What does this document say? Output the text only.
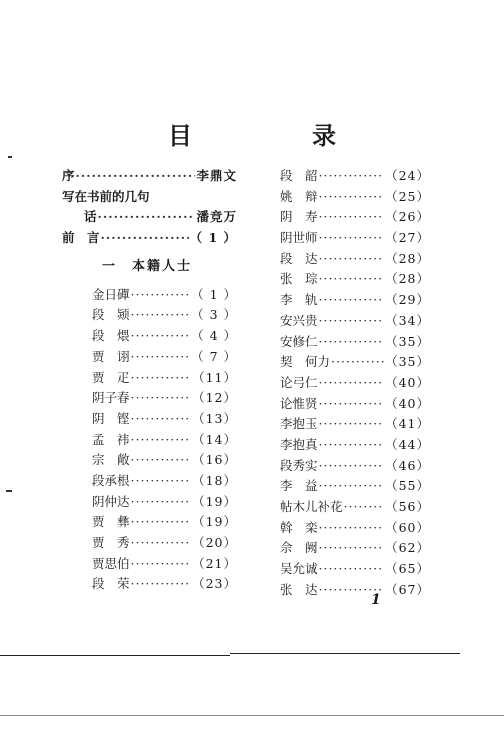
目　录
序 ·····	李鼎文
写在书前的几句
话 ·····	潘竞万
前　言 ·····	（ 1 ）
一　本籍人士
金日磾 ·····	（ 1 ）
段　颎 ·····	（ 3 ）
段　煨 ·····	（ 4 ）
贾　诩 ·····	（ 7 ）
贾　疋 ·····	（11）
阴子春 ·····	（12）
阴　铿 ·····	（13）
孟　祎 ·····	（14）
宗　敞 ·····	（16）
段承根 ·····	（18）
阴仲达 ·····	（19）
贾　彝 ·····	（19）
贾　秀 ·····	（20）
贾思伯 ·····	（21）
段　荣 ·····	（23）
段　韶 ·····	（24）
姚　辩 ·····	（25）
阴　寿 ·····	（26）
阴世师 ·····	（27）
段　达 ·····	（28）
张　琮 ·····	（28）
李　轨 ·····	（29）
安兴贵 ·····	（34）
安修仁 ·····	（35）
契　何力 ·····	（35）
论弓仁 ·····	（40）
论惟贤 ·····	（40）
李抱玉 ·····	（41）
李抱真 ·····	（44）
段秀实 ·····	（46）
李　益 ·····	（55）
帖木儿补花 ·····	（56）
斡　栾 ·····	（60）
佘　阙 ·····	（62）
吴允诚 ·····	（65）
张　达 ·····	（67）
1
